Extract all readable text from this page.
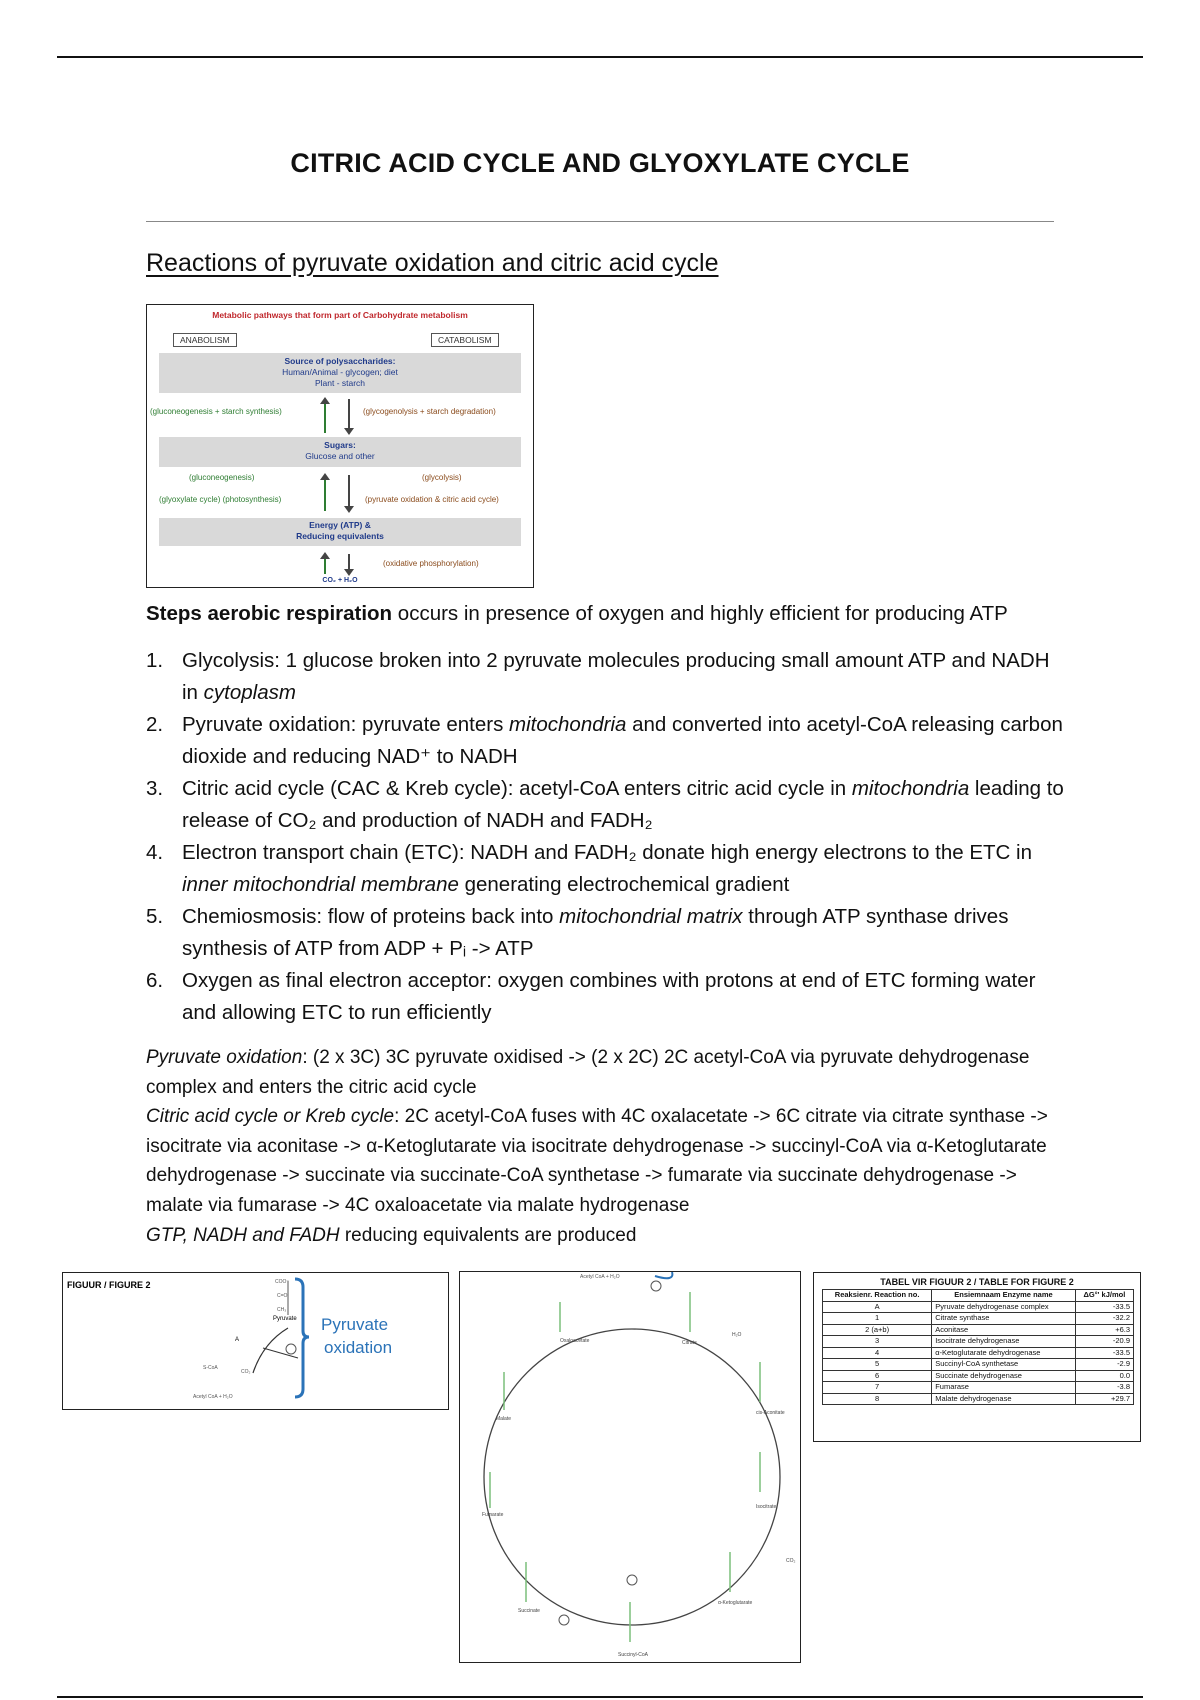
CITRIC ACID CYCLE AND GLYOXYLATE CYCLE
Reactions of pyruvate oxidation and citric acid cycle
Metabolic pathways that form part of Carbohydrate metabolism
ANABOLISM	CATABOLISM
Source of polysaccharides:
Human/Animal - glycogen; diet
Plant - starch
(gluconeogenesis + starch synthesis)	(glycogenolysis + starch degradation)
Sugars:
Glucose and other
(gluconeogenesis)	(glycolysis)
(glyoxylate cycle) (photosynthesis)	(pyruvate oxidation & citric acid cycle)
Energy (ATP) &
Reducing equivalents
(oxidative phosphorylation)
CO₂ + H₂O
Steps aerobic respiration occurs in presence of oxygen and highly efficient for producing ATP
1. Glycolysis: 1 glucose broken into 2 pyruvate molecules producing small amount ATP and NADH in cytoplasm
2. Pyruvate oxidation: pyruvate enters mitochondria and converted into acetyl-CoA releasing carbon dioxide and reducing NAD⁺ to NADH
3. Citric acid cycle (CAC & Kreb cycle): acetyl-CoA enters citric acid cycle in mitochondria leading to release of CO₂ and production of NADH and FADH₂
4. Electron transport chain (ETC): NADH and FADH₂ donate high energy electrons to the ETC in inner mitochondrial membrane generating electrochemical gradient
5. Chemiosmosis: flow of proteins back into mitochondrial matrix through ATP synthase drives synthesis of ATP from ADP + Pᵢ -> ATP
6. Oxygen as final electron acceptor: oxygen combines with protons at end of ETC forming water and allowing ETC to run efficiently
Pyruvate oxidation: (2 x 3C) 3C pyruvate oxidised -> (2 x 2C) 2C acetyl-CoA via pyruvate dehydrogenase complex and enters the citric acid cycle
Citric acid cycle or Kreb cycle: 2C acetyl-CoA fuses with 4C oxalacetate -> 6C citrate via citrate synthase -> isocitrate via aconitase -> α-Ketoglutarate via isocitrate dehydrogenase -> succinyl-CoA via α-Ketoglutarate dehydrogenase -> succinate via succinate-CoA synthetase -> fumarate via succinate dehydrogenase -> malate via fumarase -> 4C oxaloacetate via malate hydrogenase
GTP, NADH and FADH reducing equivalents are produced
FIGUUR / FIGURE 2	COO⁻
C=O
CH₃
Pyruvate
A
S-CoA
CO₂
Acetyl CoA + H₂O
Pyruvate
oxidation
Acetyl CoA + H₂O
Oxaloacetate	Citrate
cis-Aconitate
Isocitrate
α-Ketoglutarate
Succinyl-CoA
Succinate
Fumarate
Malate
H₂O
CO₂
TABEL VIR FIGUUR 2 / TABLE FOR FIGURE 2
Reaksienr. Reaction no.	Ensiemnaam Enzyme name	ΔG°' kJ/mol
A	Pyruvate dehydrogenase complex	-33.5
1	Citrate synthase	-32.2
2 (a+b)	Aconitase	+6.3
3	Isocitrate dehydrogenase	-20.9
4	α-Ketoglutarate dehydrogenase	-33.5
5	Succinyl-CoA synthetase	-2.9
6	Succinate dehydrogenase	0.0
7	Fumarase	-3.8
8	Malate dehydrogenase	+29.7
